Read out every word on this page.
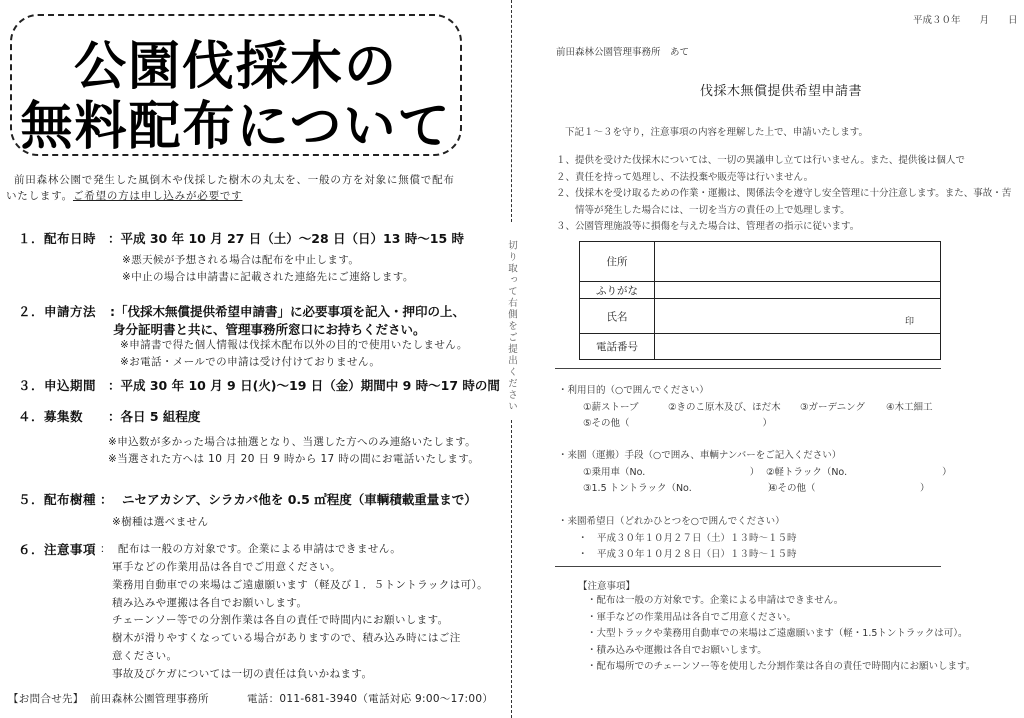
公園伐採木の
無料配布について
前田森林公園で発生した風倒木や伐採した樹木の丸太を、一般の方を対象に無償で配布
いたします。ご希望の方は申し込みが必要です
１．配布日時 ：平成 30 年 10 月 27 日（土）～28 日（日）13 時～15 時
※悪天候が予想される場合は配布を中止します。
※中止の場合は申請書に記載された連絡先にご連絡します。
２．申請方法 :「伐採木無償提供希望申請書」に必要事項を記入・押印の上、
身分証明書と共に、管理事務所窓口にお持ちください。
※申請書で得た個人情報は伐採木配布以外の目的で使用いたしません。
※お電話・メールでの申請は受け付けておりません。
３．申込期間 ：平成 30 年 10 月 9 日(火)～19 日（金）期間中 9 時～17 時の間
４．募集数 ：各日 5 組程度
※申込数が多かった場合は抽選となり、当選した方へのみ連絡いたします。
※当選された方へは 10 月 20 日 9 時から 17 時の間にお電話いたします。
５．配布樹種 ： ニセアカシア、シラカバ他を 0.5 ㎥程度（車輌積載重量まで）
※樹種は選べません
６．注意事項 ： 配布は一般の方対象です。企業による申請はできません。
軍手などの作業用品は各自でご用意ください。
業務用自動車での来場はご遠慮願います（軽及び１．５トントラックは可）。
積み込みや運搬は各自でお願いします。
チェーンソー等での分割作業は各自の責任で時間内にお願いします。
樹木が滑りやすくなっている場合がありますので、積み込み時にはご注
意ください。
事故及びケガについては一切の責任は負いかねます。
【お問合せ先】 前田森林公園管理事務所	電話：011-681-3940（電話対応 9:00～17:00）
切り取って右側をご提出ください
平成３０年　　月　　日
前田森林公園管理事務所　あて
伐採木無償提供希望申請書
下記１～３を守り，注意事項の内容を理解した上で、申請いたします。
１、提供を受けた伐採木については、一切の異議申し立ては行いません。また、提供後は個人で
２、責任を持って処理し、不法投棄や販売等は行いません。
２、伐採木を受け取るための作業・運搬は、関係法令を遵守し安全管理に十分注意します。また、事故・苦
　　情等が発生した場合には、一切を当方の責任の上で処理します。
３、公園管理施設等に損傷を与えた場合は、管理者の指示に従います。
住所	
ふりがな	
氏名	印

電話番号	
・利用目的（○で囲んでください）
①薪ストーブ	②きのこ原木及び、ほだ木 ③ガーデニング ④木工細工
⑤その他（　　　　　　　　　　　　　　）
・来園（運搬）手段（○で囲み、車輌ナンバーをご記入ください）
①乗用車（No.　　　　　　　　　　　） ②軽トラック（No.　　　　　　　　　　）
③1.5 トントラック（No.　　　　　　　　）
④その他（　　　　　　　　　　　）
・来園希望日（どれかひとつを○で囲んでください）
・　平成３０年１０月２７日（土）１３時～１５時
・　平成３０年１０月２８日（日）１３時～１５時
【注意事項】
・配布は一般の方対象です。企業による申請はできません。
・軍手などの作業用品は各自でご用意ください。
・大型トラックや業務用自動車での来場はご遠慮願います（軽・1.5トントラックは可）。
・積み込みや運搬は各自でお願いします。
・配布場所でのチェーンソー等を使用した分割作業は各自の責任で時間内にお願いします。
